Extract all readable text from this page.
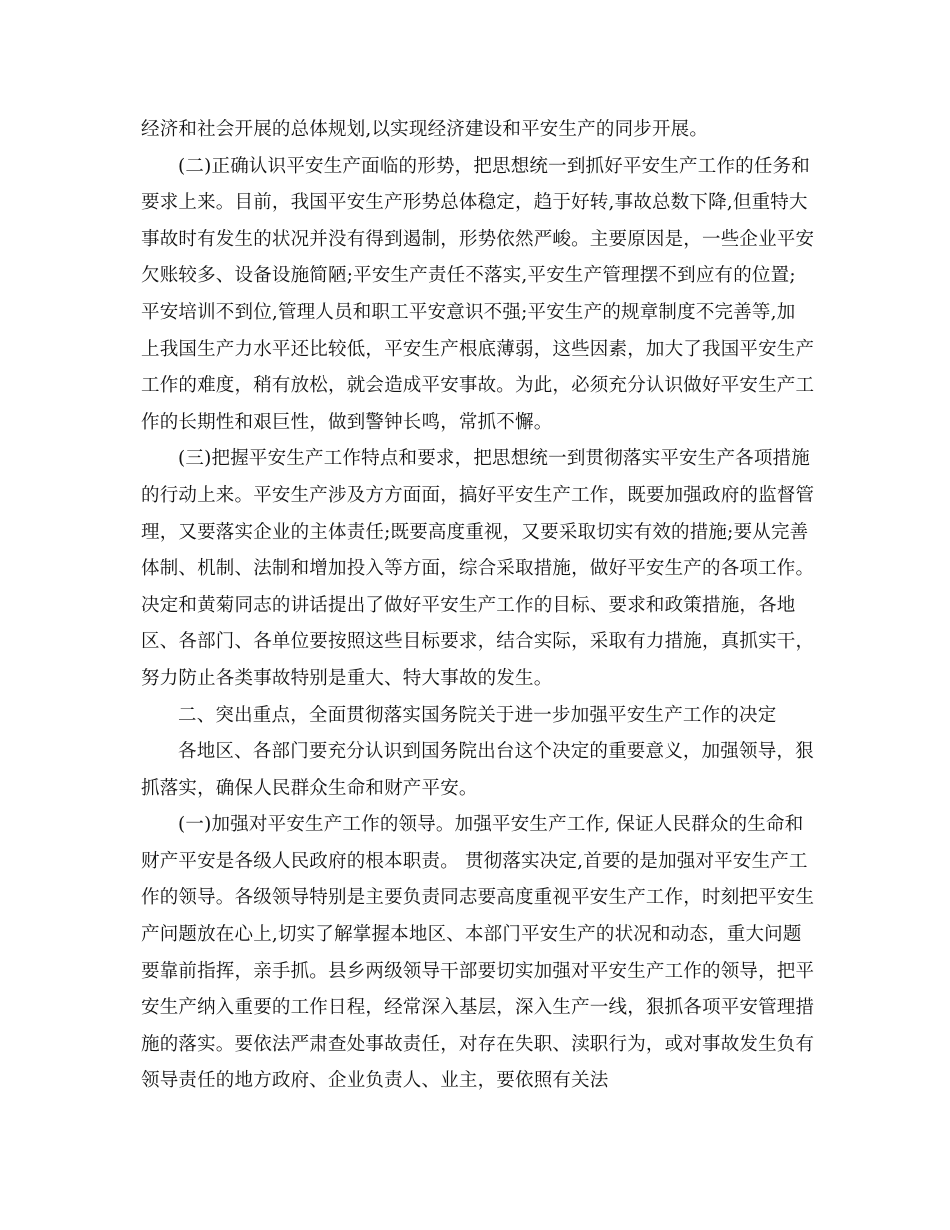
经济和社会开展的总体规划,以实现经济建设和平安生产的同步开展。
(二)正确认识平安生产面临的形势，把思想统一到抓好平安生产工作的任务和
要求上来。目前，我国平安生产形势总体稳定，趋于好转,事故总数下降,但重特大
事故时有发生的状况并没有得到遏制，形势依然严峻。主要原因是，一些企业平安
欠账较多、设备设施简陋;平安生产责任不落实,平安生产管理摆不到应有的位置;
平安培训不到位,管理人员和职工平安意识不强;平安生产的规章制度不完善等,加
上我国生产力水平还比较低，平安生产根底薄弱，这些因素，加大了我国平安生产
工作的难度，稍有放松，就会造成平安事故。为此，必须充分认识做好平安生产工
作的长期性和艰巨性，做到警钟长鸣，常抓不懈。
(三)把握平安生产工作特点和要求，把思想统一到贯彻落实平安生产各项措施
的行动上来。平安生产涉及方方面面，搞好平安生产工作，既要加强政府的监督管
理，又要落实企业的主体责任;既要高度重视，又要采取切实有效的措施;要从完善
体制、机制、法制和增加投入等方面，综合采取措施，做好平安生产的各项工作。
决定和黄菊同志的讲话提出了做好平安生产工作的目标、要求和政策措施，各地
区、各部门、各单位要按照这些目标要求，结合实际，采取有力措施，真抓实干，
努力防止各类事故特别是重大、特大事故的发生。
二、突出重点，全面贯彻落实国务院关于进一步加强平安生产工作的决定
各地区、各部门要充分认识到国务院出台这个决定的重要意义，加强领导，狠
抓落实，确保人民群众生命和财产平安。
(一)加强对平安生产工作的领导。加强平安生产工作, 保证人民群众的生命和
财产平安是各级人民政府的根本职责。 贯彻落实决定,首要的是加强对平安生产工
作的领导。各级领导特别是主要负责同志要高度重视平安生产工作，时刻把平安生
产问题放在心上,切实了解掌握本地区、本部门平安生产的状况和动态，重大问题
要靠前指挥，亲手抓。县乡两级领导干部要切实加强对平安生产工作的领导，把平
安生产纳入重要的工作日程，经常深入基层，深入生产一线，狠抓各项平安管理措
施的落实。要依法严肃查处事故责任，对存在失职、渎职行为，或对事故发生负有
领导责任的地方政府、企业负责人、业主，要依照有关法
